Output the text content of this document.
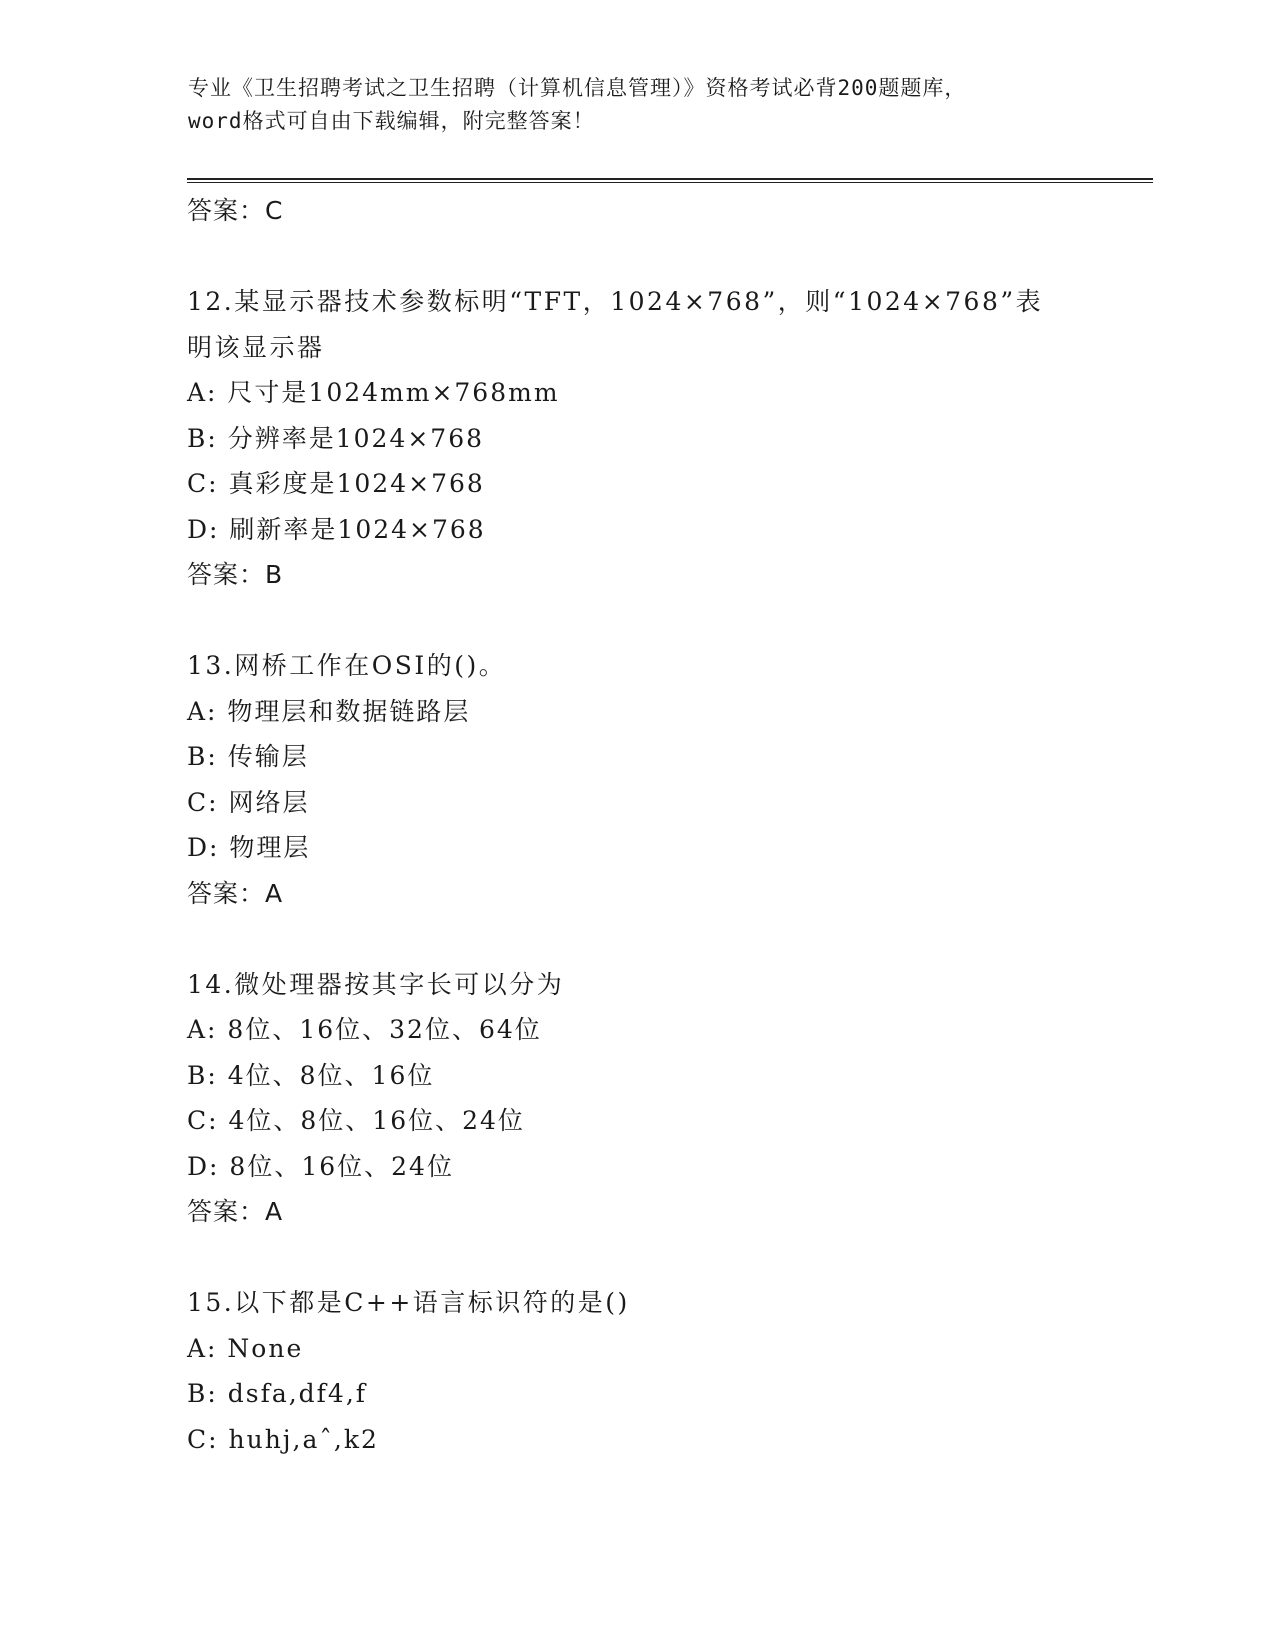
专业《卫生招聘考试之卫生招聘（计算机信息管理）》资格考试必背200题题库，
word格式可自由下载编辑，附完整答案！
答案：C
12.某显示器技术参数标明“TFT，1024×768”，则“1024×768”表
明该显示器
A: 尺寸是1024mm×768mm
B: 分辨率是1024×768
C: 真彩度是1024×768
D: 刷新率是1024×768
答案：B
13.网桥工作在OSI的()。
A: 物理层和数据链路层
B: 传输层
C: 网络层
D: 物理层
答案：A
14.微处理器按其字长可以分为
A: 8位、16位、32位、64位
B: 4位、8位、16位
C: 4位、8位、16位、24位
D: 8位、16位、24位
答案：A
15.以下都是C++语言标识符的是()
A: None
B: dsfa,df4,f
C: huhj,aˆ,k2
